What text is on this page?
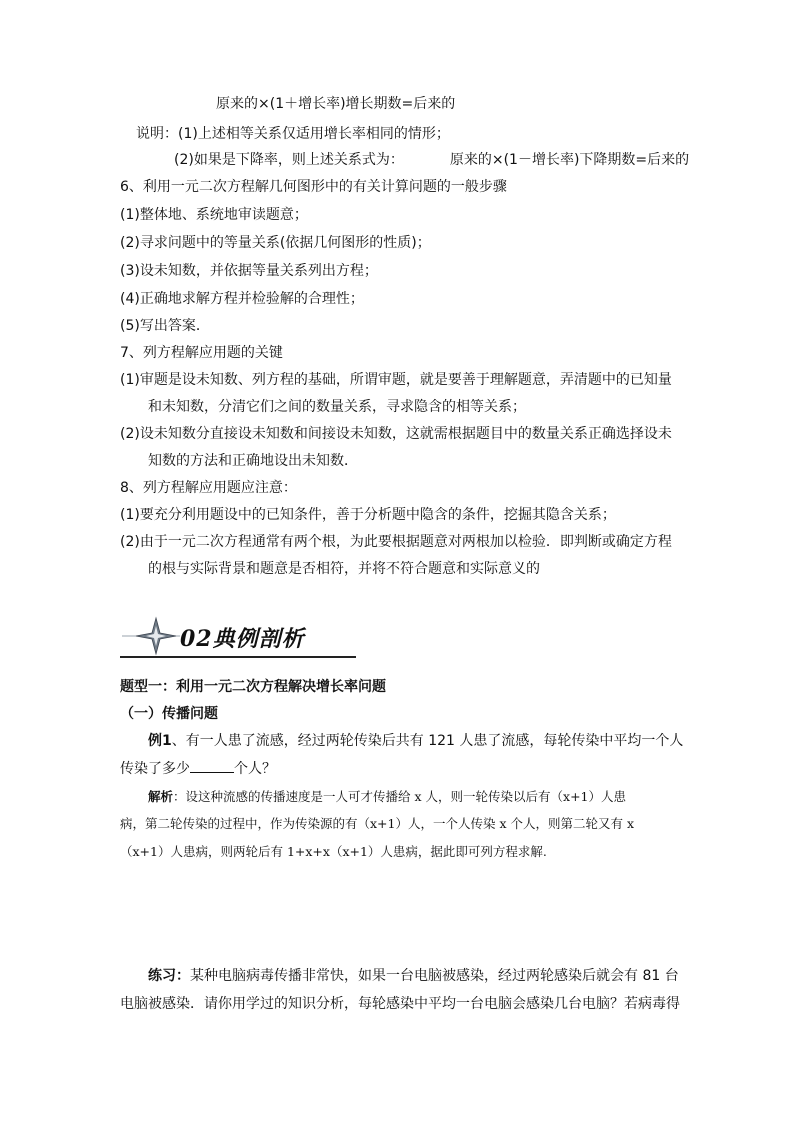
原来的×(1＋增长率)增长期数=后来的
说明：(1)上述相等关系仅适用增长率相同的情形；
(2)如果是下降率，则上述关系式为：	原来的×(1－增长率)下降期数=后来的
6、利用一元二次方程解几何图形中的有关计算问题的一般步骤
(1)整体地、系统地审读题意；
(2)寻求问题中的等量关系(依据几何图形的性质)；
(3)设未知数，并依据等量关系列出方程；
(4)正确地求解方程并检验解的合理性；
(5)写出答案．
7、列方程解应用题的关键
(1)审题是设未知数、列方程的基础，所谓审题，就是要善于理解题意，弄清题中的已知量
和未知数，分清它们之间的数量关系，寻求隐含的相等关系；
(2)设未知数分直接设未知数和间接设未知数，这就需根据题目中的数量关系正确选择设未
知数的方法和正确地设出未知数．
8、列方程解应用题应注意：
(1)要充分利用题设中的已知条件，善于分析题中隐含的条件，挖掘其隐含关系；
(2)由于一元二次方程通常有两个根，为此要根据题意对两根加以检验．即判断或确定方程
的根与实际背景和题意是否相符，并将不符合题意和实际意义的
02典例剖析
题型一：利用一元二次方程解决增长率问题
（一）传播问题
例1、有一人患了流感，经过两轮传染后共有 121 人患了流感，每轮传染中平均一个人
传染了多少	个人？
解析：设这种流感的传播速度是一人可才传播给 x 人，则一轮传染以后有（x+1）人患
病，第二轮传染的过程中，作为传染源的有（x+1）人，一个人传染 x 个人，则第二轮又有 x
（x+1）人患病，则两轮后有 1+x+x（x+1）人患病，据此即可列方程求解.
练习：某种电脑病毒传播非常快，如果一台电脑被感染，经过两轮感染后就会有 81 台
电脑被感染．请你用学过的知识分析，每轮感染中平均一台电脑会感染几台电脑？若病毒得
